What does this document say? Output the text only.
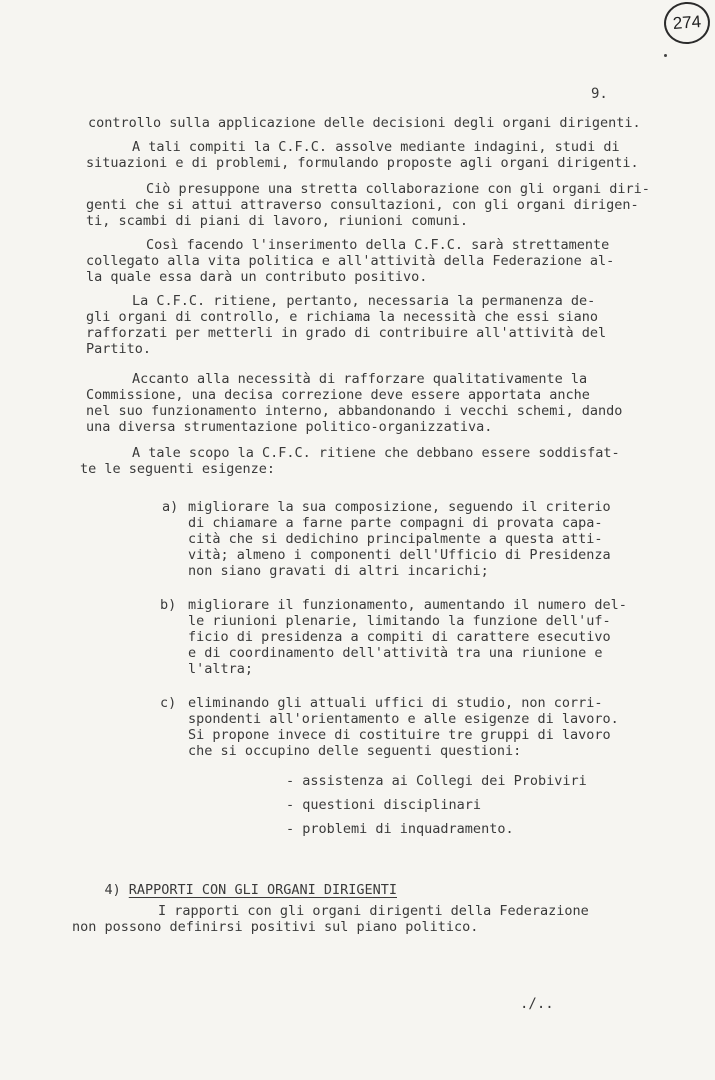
274
9.
controllo sulla applicazione delle decisioni degli organi dirigenti.
A tali compiti la C.F.C. assolve mediante indagini, studi di
situazioni e di problemi, formulando proposte agli organi dirigenti.
Ciò presuppone una stretta collaborazione con gli organi diri-
genti che si attui attraverso consultazioni, con gli organi dirigen-
ti, scambi di piani di lavoro, riunioni comuni.
Così facendo l'inserimento della C.F.C. sarà strettamente
collegato alla vita politica e all'attività della Federazione al-
la quale essa darà un contributo positivo.
La C.F.C. ritiene, pertanto, necessaria la permanenza de-
gli organi di controllo, e richiama la necessità che essi siano
rafforzati per metterli in grado di contribuire all'attività del
Partito.
Accanto alla necessità di rafforzare qualitativamente la
Commissione, una decisa correzione deve essere apportata anche
nel suo funzionamento interno, abbandonando i vecchi schemi, dando
una diversa strumentazione politico-organizzativa.
A tale scopo la C.F.C. ritiene che debbano essere soddisfat-
te le seguenti esigenze:
a) migliorare la sua composizione, seguendo il criterio
di chiamare a farne parte compagni di provata capa-
cità che si dedichino principalmente a questa atti-
vità; almeno i componenti dell'Ufficio di Presidenza
non siano gravati di altri incarichi;
b) migliorare il funzionamento, aumentando il numero del-
le riunioni plenarie, limitando la funzione dell'uf-
ficio di presidenza a compiti di carattere esecutivo
e di coordinamento dell'attività tra una riunione e
l'altra;
c) eliminando gli attuali uffici di studio, non corri-
spondenti all'orientamento e alle esigenze di lavoro.
Si propone invece di costituire tre gruppi di lavoro
che si occupino delle seguenti questioni:
- assistenza ai Collegi dei Probiviri
- questioni disciplinari
- problemi di inquadramento.

4) RAPPORTI CON GLI ORGANI DIRIGENTI

I rapporti con gli organi dirigenti della Federazione
non possono definirsi positivi sul piano politico.
./..
